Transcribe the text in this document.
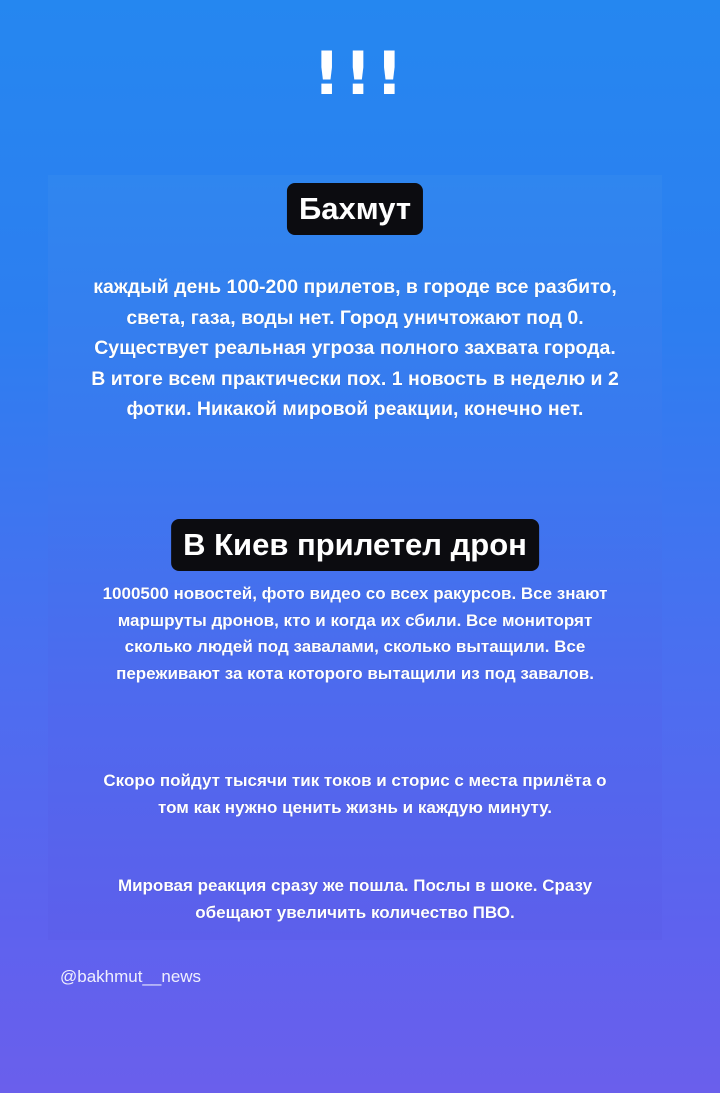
!!!
Бахмут
каждый день 100-200 прилетов, в городе все разбито, света, газа, воды нет. Город уничтожают под 0. Существует реальная угроза полного захвата города. В итоге всем практически пох. 1 новость в неделю и 2 фотки. Никакой мировой реакции, конечно нет.
В Киев прилетел дрон
1000500 новостей, фото видео со всех ракурсов. Все знают маршруты дронов, кто и когда их сбили. Все мониторят сколько людей под завалами, сколько вытащили. Все переживают за кота которого вытащили из под завалов.
Скоро пойдут тысячи тик токов и сторис с места прилёта о том как нужно ценить жизнь и каждую минуту.
Мировая реакция сразу же пошла. Послы в шоке. Сразу обещают увеличить количество ПВО.
@bakhmut__news
